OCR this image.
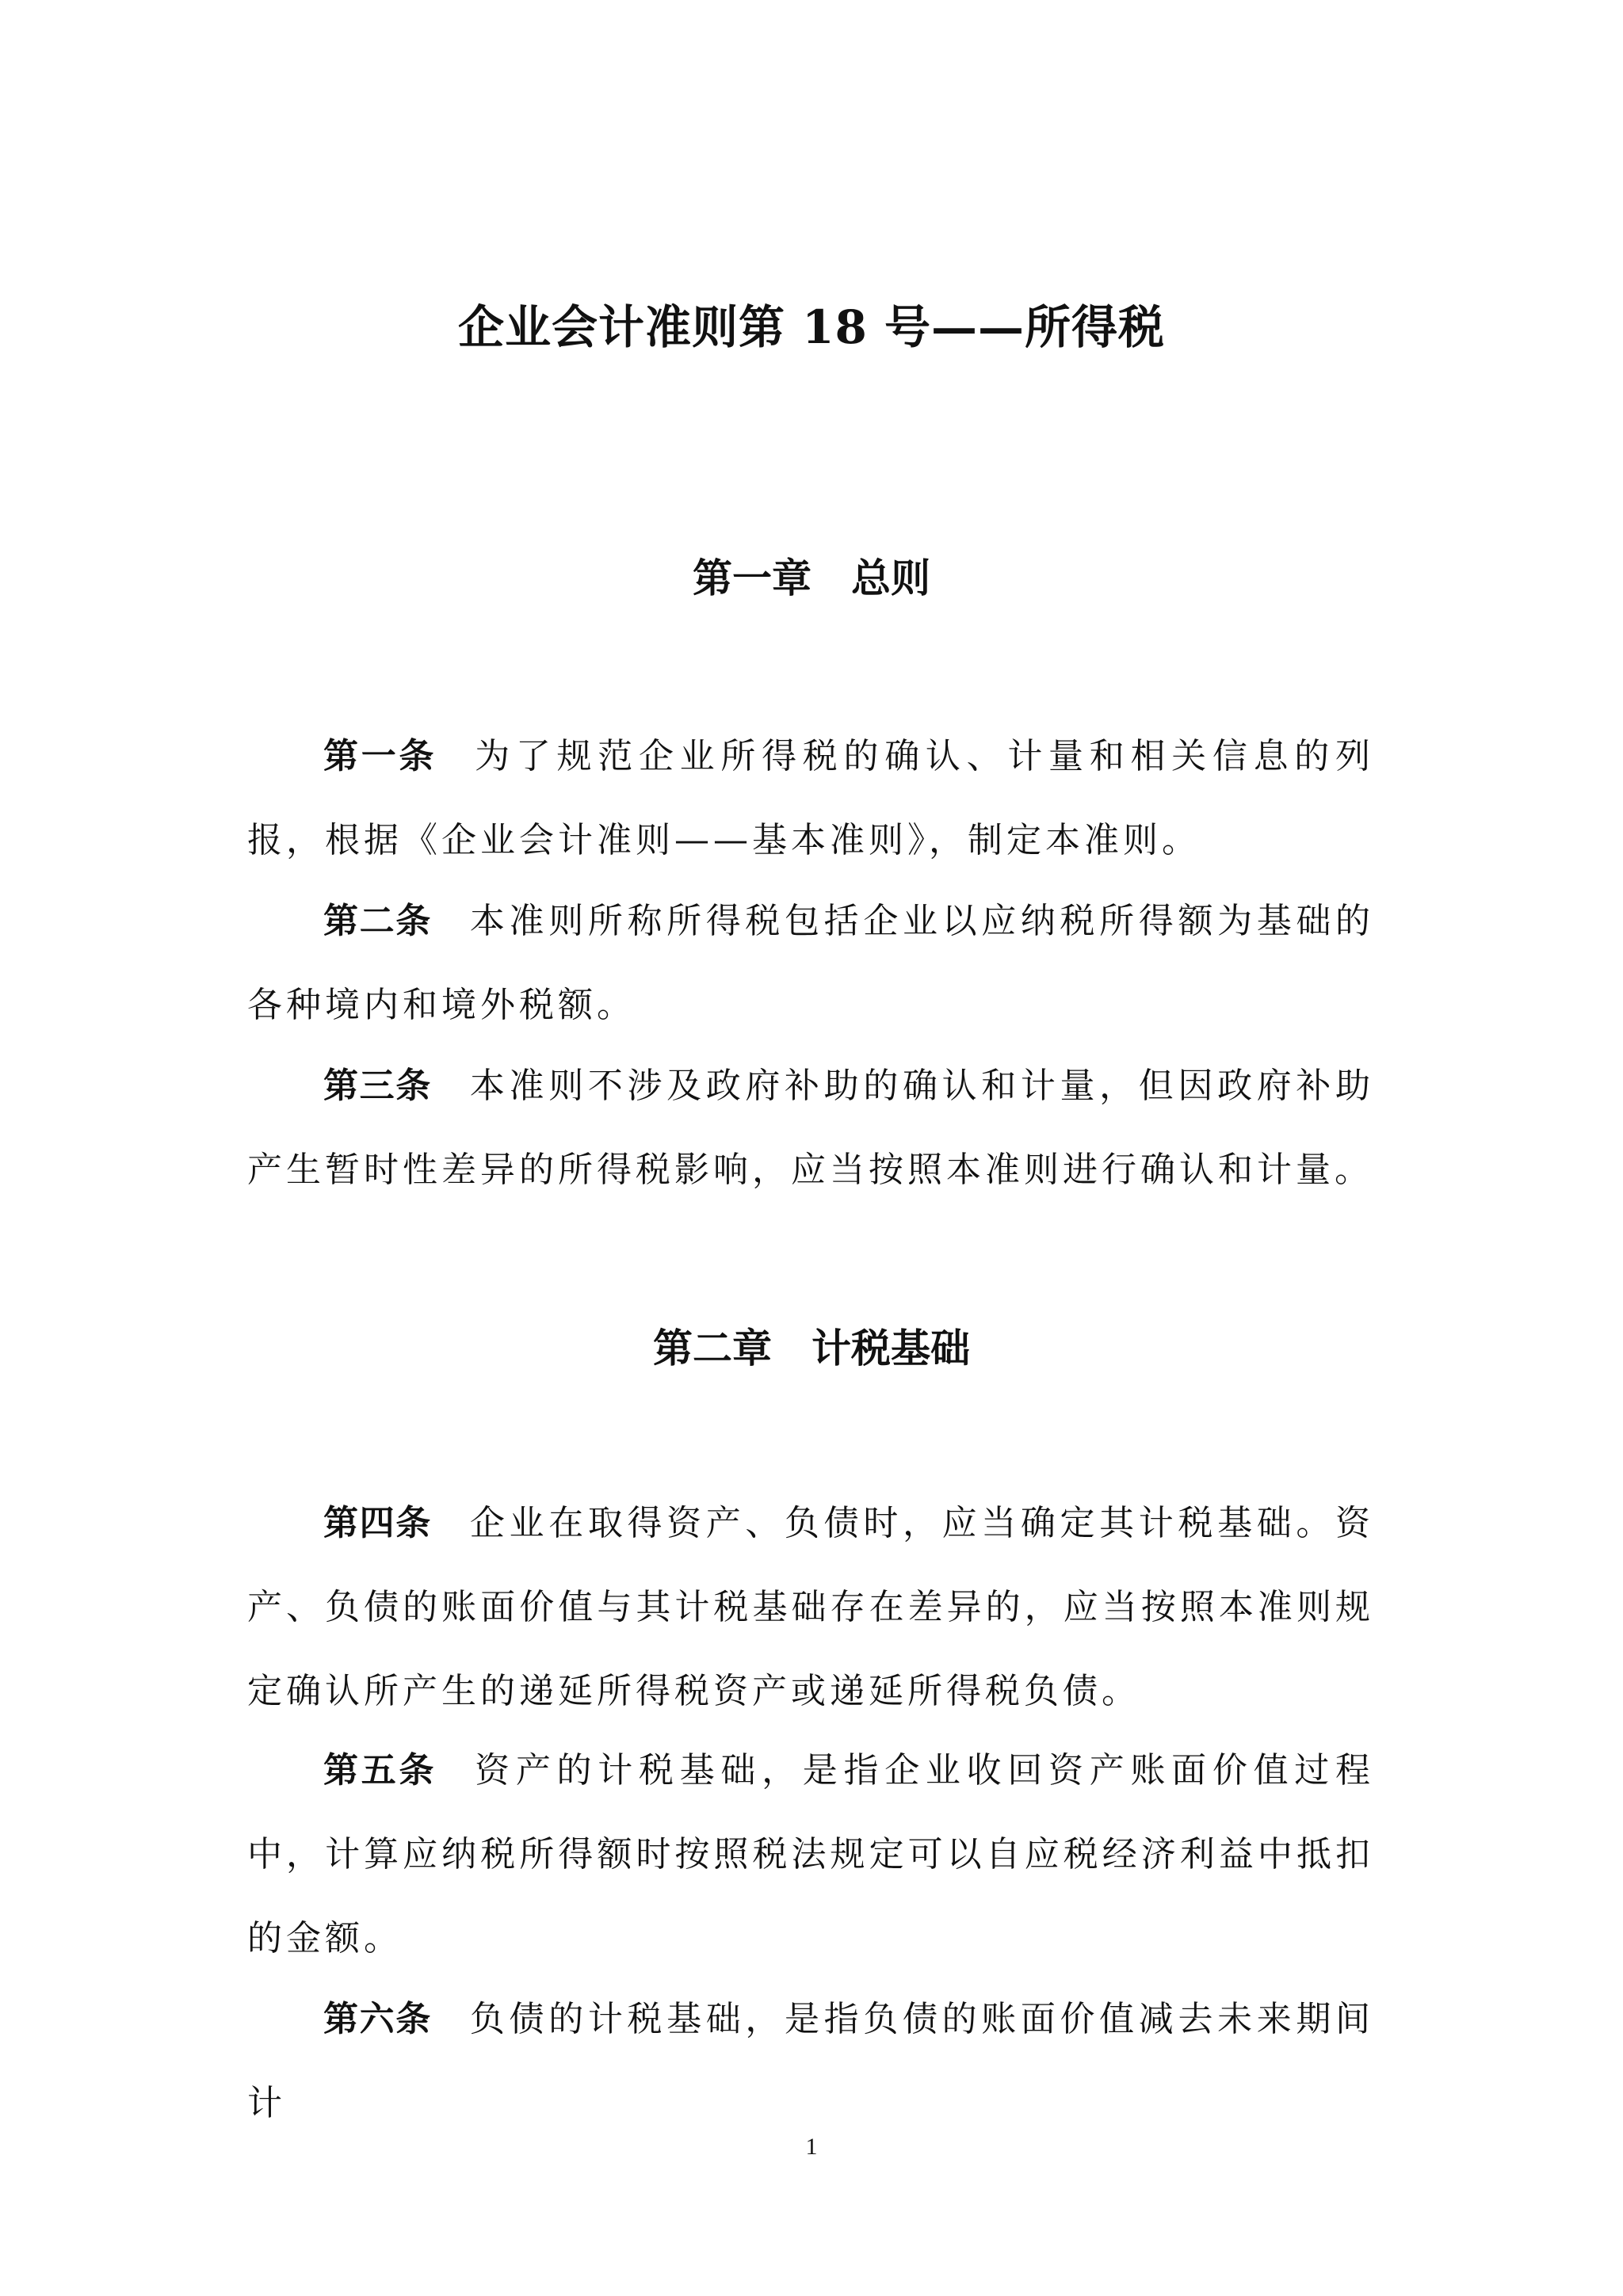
企业会计准则第 18 号——所得税
第一章　总则

第一条 为了规范企业所得税的确认、计量和相关信息的列报，根据《企业会计准则——基本准则》，制定本准则。

第二条 本准则所称所得税包括企业以应纳税所得额为基础的各种境内和境外税额。

第三条 本准则不涉及政府补助的确认和计量，但因政府补助产生暂时性差异的所得税影响，应当按照本准则进行确认和计量。

第二章　计税基础

第四条 企业在取得资产、负债时，应当确定其计税基础。资产、负债的账面价值与其计税基础存在差异的，应当按照本准则规定确认所产生的递延所得税资产或递延所得税负债。

第五条 资产的计税基础，是指企业收回资产账面价值过程中，计算应纳税所得额时按照税法规定可以自应税经济利益中抵扣的金额。

第六条 负债的计税基础，是指负债的账面价值减去未来期间计

1
